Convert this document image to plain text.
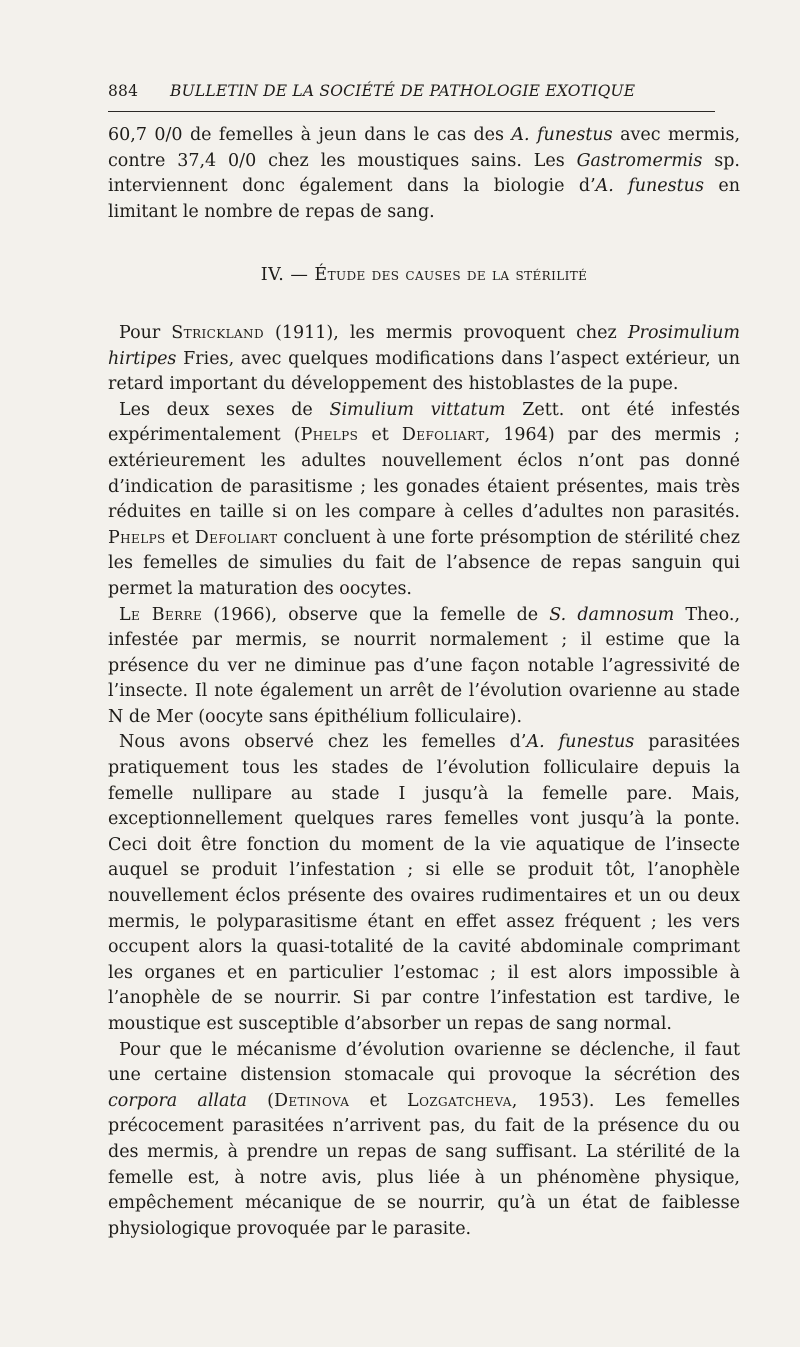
884	BULLETIN DE LA SOCIÉTÉ DE PATHOLOGIE EXOTIQUE

60,7 0/0 de femelles à jeun dans le cas des A. funestus avec mermis, contre 37,4 0/0 chez les moustiques sains. Les Gastromermis sp. interviennent donc également dans la biologie d’A. funestus en limitant le nombre de repas de sang.

IV. — Étude des causes de la stérilité

Pour Strickland (1911), les mermis provoquent chez Prosimulium hirtipes Fries, avec quelques modifications dans l’aspect extérieur, un retard important du développement des histoblastes de la pupe.

Les deux sexes de Simulium vittatum Zett. ont été infestés expérimentalement (Phelps et Defoliart, 1964) par des mermis ; extérieurement les adultes nouvellement éclos n’ont pas donné d’indication de parasitisme ; les gonades étaient présentes, mais très réduites en taille si on les compare à celles d’adultes non parasités. Phelps et Defoliart concluent à une forte présomption de stérilité chez les femelles de simulies du fait de l’absence de repas sanguin qui permet la maturation des oocytes.

Le Berre (1966), observe que la femelle de S. damnosum Theo., infestée par mermis, se nourrit normalement ; il estime que la présence du ver ne diminue pas d’une façon notable l’agressivité de l’insecte. Il note également un arrêt de l’évolution ovarienne au stade N de Mer (oocyte sans épithélium folliculaire).

Nous avons observé chez les femelles d’A. funestus parasitées pratiquement tous les stades de l’évolution folliculaire depuis la femelle nullipare au stade I jusqu’à la femelle pare. Mais, exceptionnellement quelques rares femelles vont jusqu’à la ponte. Ceci doit être fonction du moment de la vie aquatique de l’insecte auquel se produit l’infestation ; si elle se produit tôt, l’anophèle nouvellement éclos présente des ovaires rudimentaires et un ou deux mermis, le polyparasitisme étant en effet assez fréquent ; les vers occupent alors la quasi-totalité de la cavité abdominale comprimant les organes et en particulier l’estomac ; il est alors impossible à l’anophèle de se nourrir. Si par contre l’infestation est tardive, le moustique est susceptible d’absorber un repas de sang normal.

Pour que le mécanisme d’évolution ovarienne se déclenche, il faut une certaine distension stomacale qui provoque la sécrétion des corpora allata (Detinova et Lozgatcheva, 1953). Les femelles précocement parasitées n’arrivent pas, du fait de la présence du ou des mermis, à prendre un repas de sang suffisant. La stérilité de la femelle est, à notre avis, plus liée à un phénomène physique, empêchement mécanique de se nourrir, qu’à un état de faiblesse physiologique provoquée par le parasite.
